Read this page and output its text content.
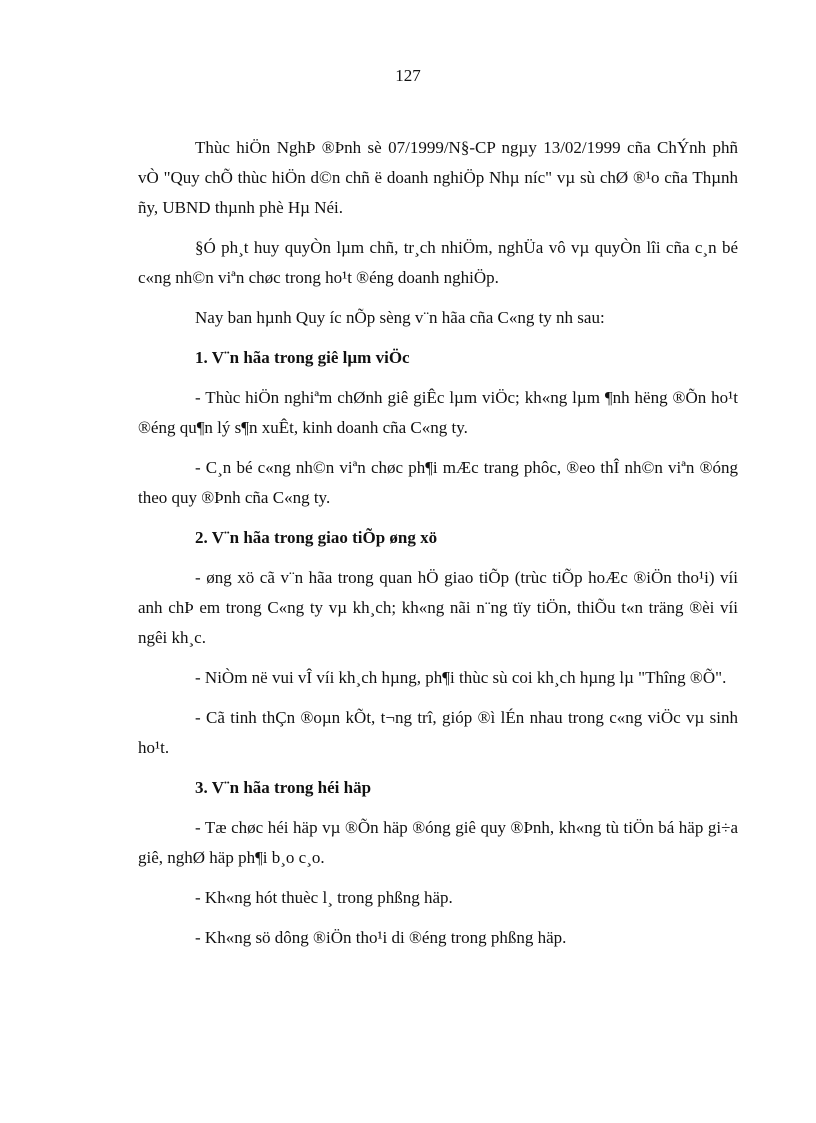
127

Thùc hiÖn NghÞ ®Þnh sè 07/1999/N§-CP ngµy 13/02/1999 cña ChÝnh phñ vÒ "Quy chÕ thùc hiÖn d©n chñ ë doanh nghiÖp Nhµ níc" vµ sù chØ ®¹o cña Thµnh ñy, UBND thµnh phè Hµ Néi.

§Ó ph¸t huy quyÒn lµm chñ, tr¸ch nhiÖm, nghÜa vô vµ quyÒn lîi cña c¸n bé c«ng nh©n viªn chøc trong ho¹t ®éng doanh nghiÖp.

Nay ban hµnh Quy íc nÕp sèng v¨n hãa cña C«ng ty nh sau:

1. V¨n hãa trong giê lµm viÖc

- Thùc hiÖn nghiªm chØnh giê giÊc lµm viÖc; kh«ng lµm ¶nh hëng ®Õn ho¹t ®éng qu¶n lý s¶n xuÊt, kinh doanh cña C«ng ty.

- C¸n bé c«ng nh©n viªn chøc ph¶i mÆc trang phôc, ®eo thÎ nh©n viªn ®óng theo quy ®Þnh cña C«ng ty.

2. V¨n hãa trong giao tiÕp øng xö

- øng xö cã v¨n hãa trong quan hÖ giao tiÕp (trùc tiÕp hoÆc ®iÖn tho¹i) víi anh chÞ em trong C«ng ty vµ kh¸ch; kh«ng nãi n¨ng tïy tiÖn, thiÕu t«n träng ®èi víi ngêi kh¸c.

- NiÒm në vui vÎ víi kh¸ch hµng, ph¶i thùc sù coi kh¸ch hµng lµ "Thîng ®Õ".

- Cã tinh thÇn ®oµn kÕt, t¬ng trî, gióp ®ì lÉn nhau trong c«ng viÖc vµ sinh ho¹t.

3. V¨n hãa trong héi häp

- Tæ chøc héi häp vµ ®Õn häp ®óng giê quy ®Þnh, kh«ng tù tiÖn bá häp gi÷a giê, nghØ häp ph¶i b¸o c¸o.

- Kh«ng hót thuèc l¸ trong phßng häp.

- Kh«ng sö dông ®iÖn tho¹i di ®éng trong phßng häp.
